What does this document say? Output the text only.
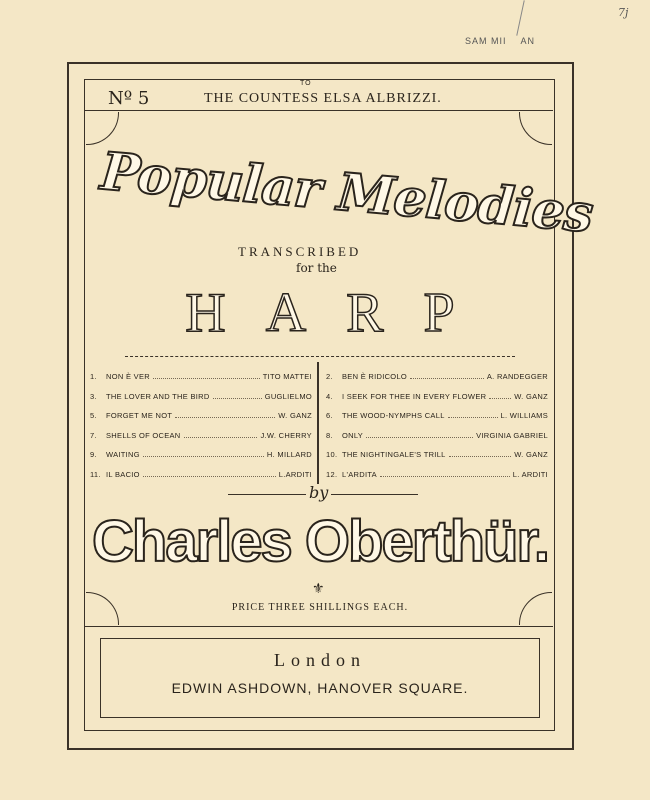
SAM MII AN
7j
TO
Nº 5	THE COUNTESS ELSA ALBRIZZI.
Popular Melodies
TRANSCRIBED
for the
HARP
1.	NON È VER	TITO MATTEI 2.	BEN È RIDICOLO	A. RANDEGGER
3.	THE LOVER AND THE BIRD	GUGLIELMO 4.	I SEEK FOR THEE IN EVERY FLOWER	W. GANZ
5.	FORGET ME NOT	W. GANZ 6.	THE WOOD-NYMPHS CALL	L. WILLIAMS
7.	SHELLS OF OCEAN	J.W. CHERRY 8.	ONLY	VIRGINIA GABRIEL
9.	WAITING	H. MILLARD 10. THE NIGHTINGALE'S TRILL	W. GANZ
11. IL BACIO	L.ARDITI 12. L'ARDITA	L. ARDITI
by
Charles Oberthür.
⚜
PRICE THREE SHILLINGS EACH.
London
EDWIN ASHDOWN, HANOVER SQUARE.
